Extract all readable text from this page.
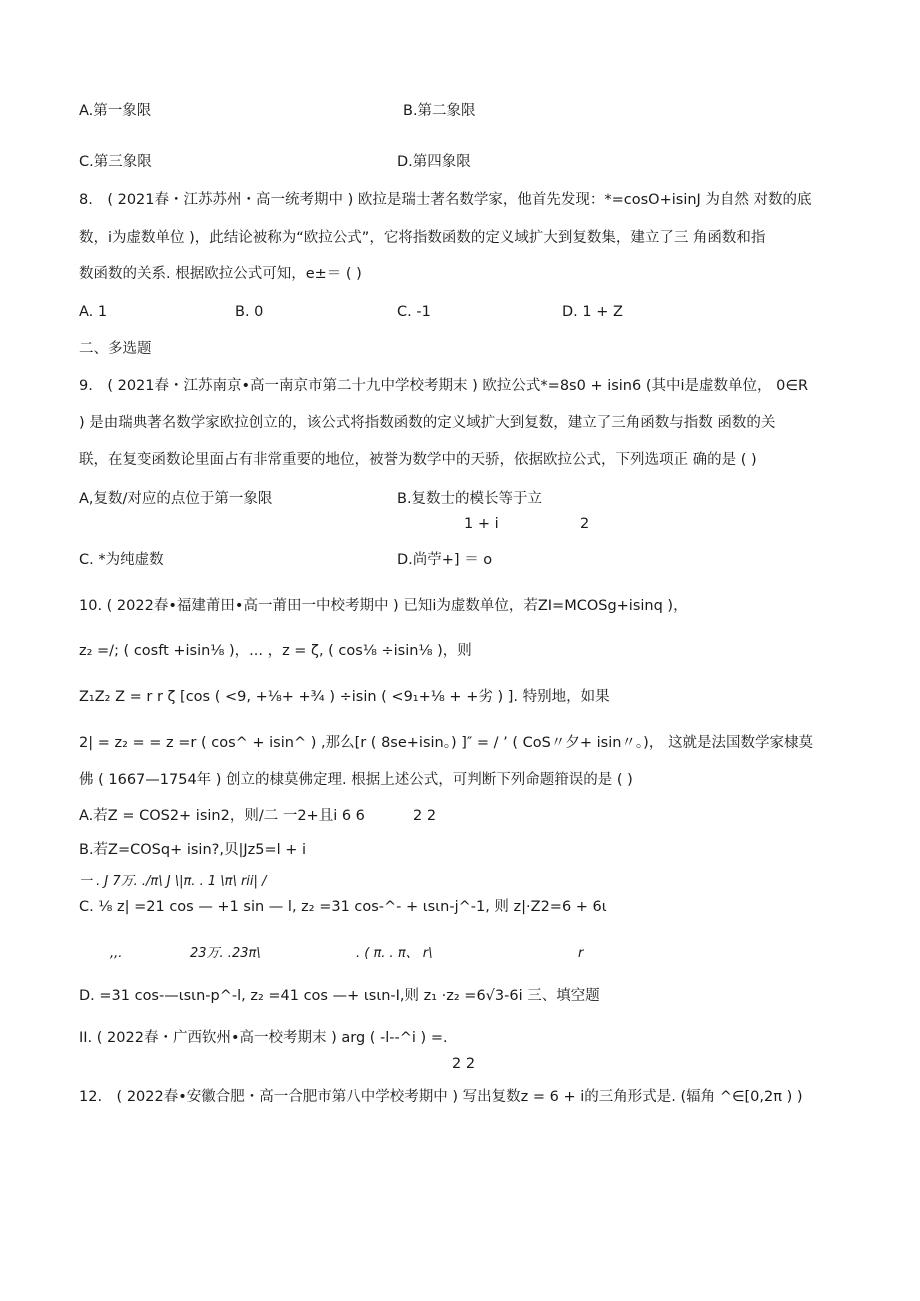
A.第一象限	B.第二象限
C.第三象限	D.第四象限
8.　( 2021春・江苏苏州・高一统考期中 ) 欧拉是瑞士著名数学家，他首先发现：*=cosO+isinJ 为自然 对数的底
数，i为虚数单位 )，此结论被称为“欧拉公式”，它将指数函数的定义域扩大到复数集，建立了三 角函数和指
数函数的关系. 根据欧拉公式可知，e±＝ ( )
A. 1	B. 0	C. -1	D. 1 + Z
二、多选题
9.　( 2021春・江苏南京•高一南京市第二十九中学校考期末 ) 欧拉公式*=8s0 + isin6 (其中i是虚数单位， 0∈R
) 是由瑞典著名数学家欧拉创立的，该公式将指数函数的定义域扩大到复数，建立了三角函数与指数 函数的关
联，在复变函数论里面占有非常重要的地位，被誉为数学中的天骄，依据欧拉公式，下列选项正 确的是 ( )
A,复数/对应的点位于第一象限	B.复数士的模长等于立
1 + i	2
C. *为纯虚数	D.尚苧+] ＝ o
10. ( 2022春•福建莆田•高一莆田一中校考期中 ) 已知i为虚数单位，若ZI=MCOSg+isinq )，
z₂ =/; ( cosft +isin⅛ )，... ，z = ζ, ( cos⅛ ÷isin⅛ )，则
Z₁Z₂ Z = r r ζ [cos ( <9, +⅛+ +¾ ) ÷isin ( <9₁+⅛ + +劣 ) ]. 特别地，如果
2| = z₂ = = z =r ( cos^ + isin^ ) ,那么[r ( 8se+isin。) ]″ = / ’ ( CoS〃夕+ isin〃。)， 这就是法国数学家棣莫
佛 ( 1667—1754年 ) 创立的棣莫佛定理. 根据上述公式，可判断下列命题箝误的是 ( )
A.若Z = COS2+ isin2，则/二 一2+且i 6 6	2 2
B.若Z=COSq+ isin?,贝|Jz5=l + i
一 . J 7万. ./π\ J \|π. . 1 \π\ rii| /
C. ⅛ z| =21 cos — +1 sin — l, z₂ =31 cos-^- + ιsιn-j^-1, 则 z|·Z2=6 + 6ι
,,.	23万. .23π\	. ( π. . π、 r\	r
D. =31 cos-—ιsιn-p^-l, z₂ =41 cos —+ ιsιn-I,则 z₁ ·z₂ =6√3-6i 三、填空题
II. ( 2022春・广西钦州•高一校考期末 ) arg ( -l--^i ) =.
2 2
12.　( 2022春•安徽合肥・高一合肥市第八中学校考期中 ) 写出复数z = 6 + i的三角形式是. (辐角 ^∈[0,2π ) )
